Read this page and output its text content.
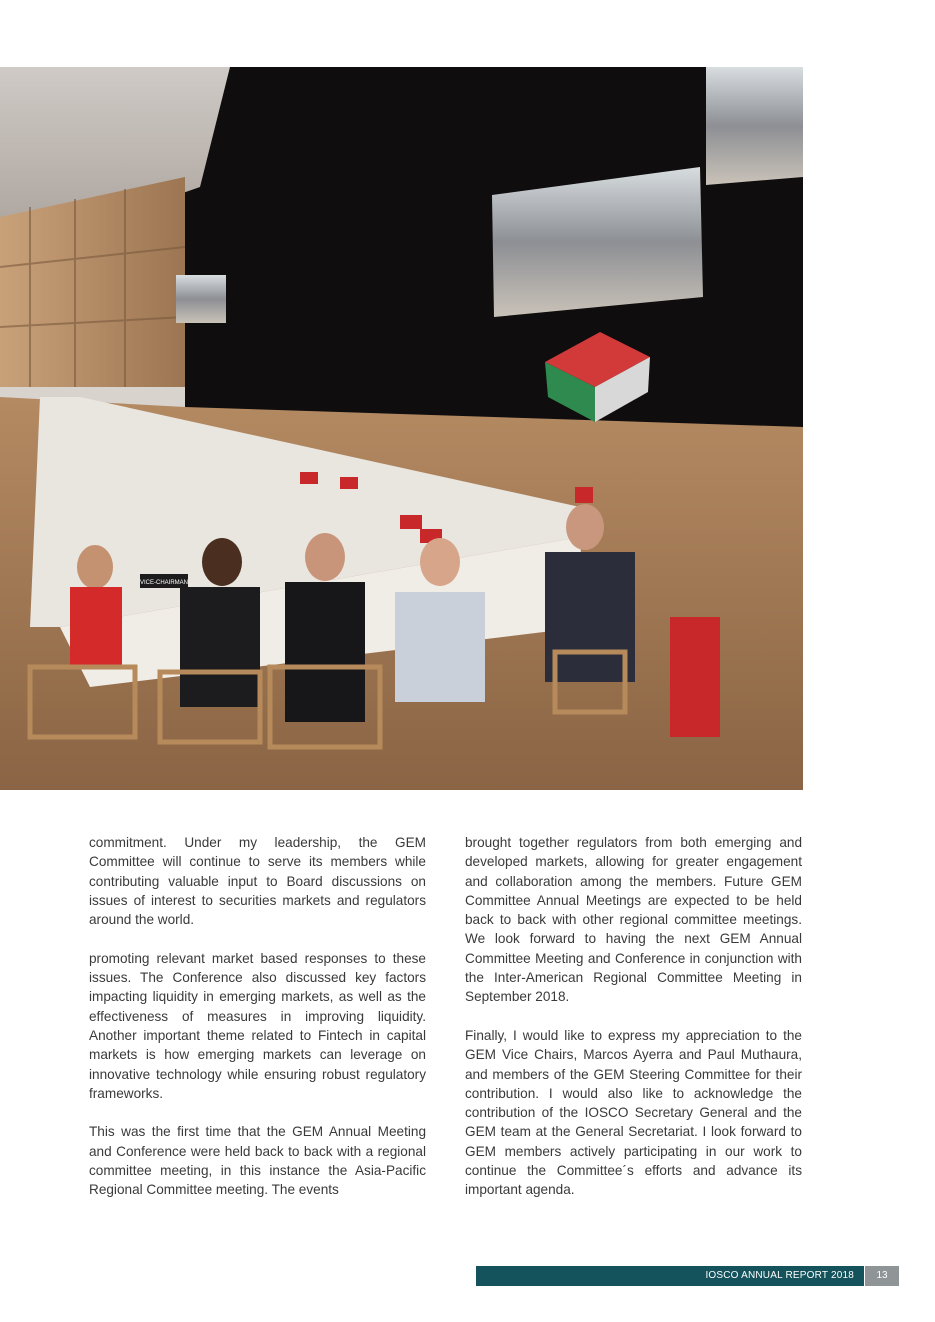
VICE-CHAIRMAN

commitment. Under my leadership, the GEM Committee will continue to serve its members while contributing valuable input to Board discussions on issues of interest to securities markets and regulators around the world.

promoting relevant market based responses to these issues. The Conference also discussed key factors impacting liquidity in emerging markets, as well as the effectiveness of measures in improving liquidity. Another important theme related to Fintech in capital markets is how emerging markets can leverage on innovative technology while ensuring robust regulatory frameworks.

This was the first time that the GEM Annual Meeting and Conference were held back to back with a regional committee meeting, in this instance the Asia-Pacific Regional Committee meeting. The events

brought together regulators from both emerging and developed markets, allowing for greater engagement and collaboration among the members. Future GEM Committee Annual Meetings are expected to be held back to back with other regional committee meetings. We look forward to having the next GEM Annual Committee Meeting and Conference in conjunction with the Inter-American Regional Committee Meeting in September 2018.

Finally, I would like to express my appreciation to the GEM Vice Chairs, Marcos Ayerra and Paul Muthaura, and members of the GEM Steering Committee for their contribution. I would also like to acknowledge the contribution of the IOSCO Secretary General and the GEM team at the General Secretariat. I look forward to GEM members actively participating in our work to continue the Committee´s efforts and advance its important agenda.

IOSCO ANNUAL REPORT 2018	13
